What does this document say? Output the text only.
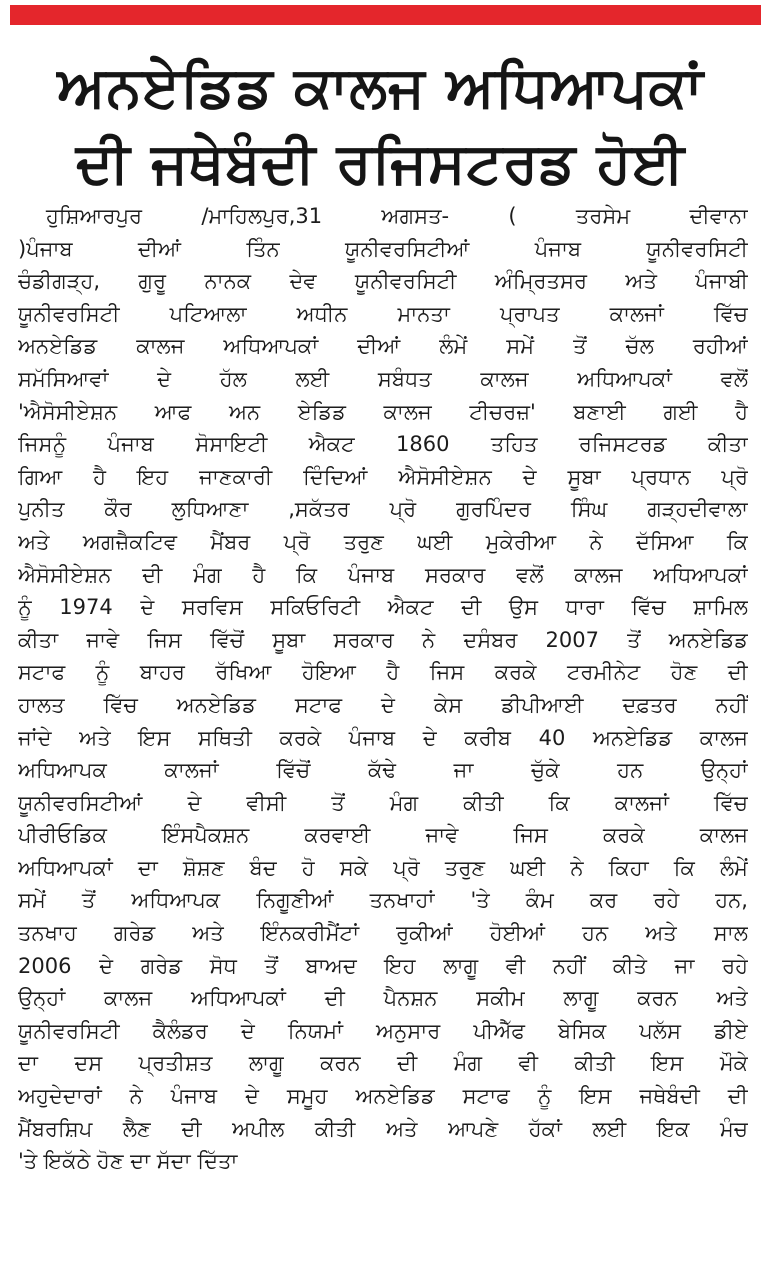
ਅਨਏਡਿਡ ਕਾਲਜ ਅਧਿਆਪਕਾਂ
ਦੀ ਜਥੇਬੰਦੀ ਰਜਿਸਟਰਡ ਹੋਈ
ਹੁਸ਼ਿਆਰਪੁਰ /ਮਾਹਿਲਪੁਰ,31 ਅਗਸਤ- ( ਤਰਸੇਮ ਦੀਵਾਨਾ
)ਪੰਜਾਬ ਦੀਆਂ ਤਿੰਨ ਯੂਨੀਵਰਸਿਟੀਆਂ ਪੰਜਾਬ ਯੂਨੀਵਰਸਿਟੀ
ਚੰਡੀਗੜ੍ਹ, ਗੁਰੂ ਨਾਨਕ ਦੇਵ ਯੂਨੀਵਰਸਿਟੀ ਅੰਮ੍ਰਿਤਸਰ ਅਤੇ ਪੰਜਾਬੀ
ਯੂਨੀਵਰਸਿਟੀ ਪਟਿਆਲਾ ਅਧੀਨ ਮਾਨਤਾ ਪ੍ਰਾਪਤ ਕਾਲਜਾਂ ਵਿੱਚ
ਅਨਏਡਿਡ ਕਾਲਜ ਅਧਿਆਪਕਾਂ ਦੀਆਂ ਲੰਮੇਂ ਸਮੇਂ ਤੋਂ ਚੱਲ ਰਹੀਆਂ
ਸਮੱਸਿਆਵਾਂ ਦੇ ਹੱਲ ਲਈ ਸਬੰਧਤ ਕਾਲਜ ਅਧਿਆਪਕਾਂ ਵਲੋਂ
'ਐਸੋਸੀਏਸ਼ਨ ਆਫ ਅਨ ਏਡਿਡ ਕਾਲਜ ਟੀਚਰਜ਼' ਬਣਾਈ ਗਈ ਹੈ
ਜਿਸਨੂੰ ਪੰਜਾਬ ਸੋਸਾਇਟੀ ਐਕਟ 1860 ਤਹਿਤ ਰਜਿਸਟਰਡ ਕੀਤਾ
ਗਿਆ ਹੈ ਇਹ ਜਾਣਕਾਰੀ ਦਿੰਦਿਆਂ ਐਸੋਸੀਏਸ਼ਨ ਦੇ ਸੂਬਾ ਪ੍ਰਧਾਨ ਪ੍ਰੋ
ਪੁਨੀਤ ਕੌਰ ਲੁਧਿਆਣਾ ,ਸਕੱਤਰ ਪ੍ਰੋ ਗੁਰਪਿੰਦਰ ਸਿੰਘ ਗੜ੍ਹਦੀਵਾਲਾ
ਅਤੇ ਅਗਜ਼ੈਕਟਿਵ ਮੈਂਬਰ ਪ੍ਰੋ ਤਰੁਣ ਘਈ ਮੁਕੇਰੀਆ ਨੇ ਦੱਸਿਆ ਕਿ
ਐਸੋਸੀਏਸ਼ਨ ਦੀ ਮੰਗ ਹੈ ਕਿ ਪੰਜਾਬ ਸਰਕਾਰ ਵਲੋਂ ਕਾਲਜ ਅਧਿਆਪਕਾਂ
ਨੂੰ 1974 ਦੇ ਸਰਵਿਸ ਸਕਿਓਰਿਟੀ ਐਕਟ ਦੀ ਉਸ ਧਾਰਾ ਵਿੱਚ ਸ਼ਾਮਿਲ
ਕੀਤਾ ਜਾਵੇ ਜਿਸ ਵਿੱਚੋਂ ਸੂਬਾ ਸਰਕਾਰ ਨੇ ਦਸੰਬਰ 2007 ਤੋਂ ਅਨਏਡਿਡ
ਸਟਾਫ ਨੂੰ ਬਾਹਰ ਰੱਖਿਆ ਹੋਇਆ ਹੈ ਜਿਸ ਕਰਕੇ ਟਰਮੀਨੇਟ ਹੋਣ ਦੀ
ਹਾਲਤ ਵਿੱਚ ਅਨਏਡਿਡ ਸਟਾਫ ਦੇ ਕੇਸ ਡੀਪੀਆਈ ਦਫ਼ਤਰ ਨਹੀਂ
ਜਾਂਦੇ ਅਤੇ ਇਸ ਸਥਿਤੀ ਕਰਕੇ ਪੰਜਾਬ ਦੇ ਕਰੀਬ 40 ਅਨਏਡਿਡ ਕਾਲਜ
ਅਧਿਆਪਕ ਕਾਲਜਾਂ ਵਿੱਚੋਂ ਕੱਢੇ ਜਾ ਚੁੱਕੇ ਹਨ ਉਨ੍ਹਾਂ
ਯੂਨੀਵਰਸਿਟੀਆਂ ਦੇ ਵੀਸੀ ਤੋਂ ਮੰਗ ਕੀਤੀ ਕਿ ਕਾਲਜਾਂ ਵਿੱਚ
ਪੀਰੀਓਡਿਕ ਇੰਸਪੈਕਸ਼ਨ ਕਰਵਾਈ ਜਾਵੇ ਜਿਸ ਕਰਕੇ ਕਾਲਜ
ਅਧਿਆਪਕਾਂ ਦਾ ਸ਼ੋਸ਼ਣ ਬੰਦ ਹੋ ਸਕੇ ਪ੍ਰੋ ਤਰੁਣ ਘਈ ਨੇ ਕਿਹਾ ਕਿ ਲੰਮੇਂ
ਸਮੇਂ ਤੋਂ ਅਧਿਆਪਕ ਨਿਗੂਣੀਆਂ ਤਨਖਾਹਾਂ 'ਤੇ ਕੰਮ ਕਰ ਰਹੇ ਹਨ,
ਤਨਖਾਹ ਗਰੇਡ ਅਤੇ ਇੰਨਕਰੀਮੈਂਟਾਂ ਰੁਕੀਆਂ ਹੋਈਆਂ ਹਨ ਅਤੇ ਸਾਲ
2006 ਦੇ ਗਰੇਡ ਸੋਧ ਤੋਂ ਬਾਅਦ ਇਹ ਲਾਗੂ ਵੀ ਨਹੀਂ ਕੀਤੇ ਜਾ ਰਹੇ
ਉਨ੍ਹਾਂ ਕਾਲਜ ਅਧਿਆਪਕਾਂ ਦੀ ਪੈਨਸ਼ਨ ਸਕੀਮ ਲਾਗੂ ਕਰਨ ਅਤੇ
ਯੂਨੀਵਰਸਿਟੀ ਕੈਲੰਡਰ ਦੇ ਨਿਯਮਾਂ ਅਨੁਸਾਰ ਪੀਐੱਫ ਬੇਸਿਕ ਪਲੱਸ ਡੀਏ
ਦਾ ਦਸ ਪ੍ਰਤੀਸ਼ਤ ਲਾਗੂ ਕਰਨ ਦੀ ਮੰਗ ਵੀ ਕੀਤੀ ਇਸ ਮੌਕੇ
ਅਹੁਦੇਦਾਰਾਂ ਨੇ ਪੰਜਾਬ ਦੇ ਸਮੂਹ ਅਨਏਡਿਡ ਸਟਾਫ ਨੂੰ ਇਸ ਜਥੇਬੰਦੀ ਦੀ
ਮੈਂਬਰਸ਼ਿਪ ਲੈਣ ਦੀ ਅਪੀਲ ਕੀਤੀ ਅਤੇ ਆਪਣੇ ਹੱਕਾਂ ਲਈ ਇਕ ਮੰਚ
'ਤੇ ਇਕੱਠੇ ਹੋਣ ਦਾ ਸੱਦਾ ਦਿੱਤਾ
